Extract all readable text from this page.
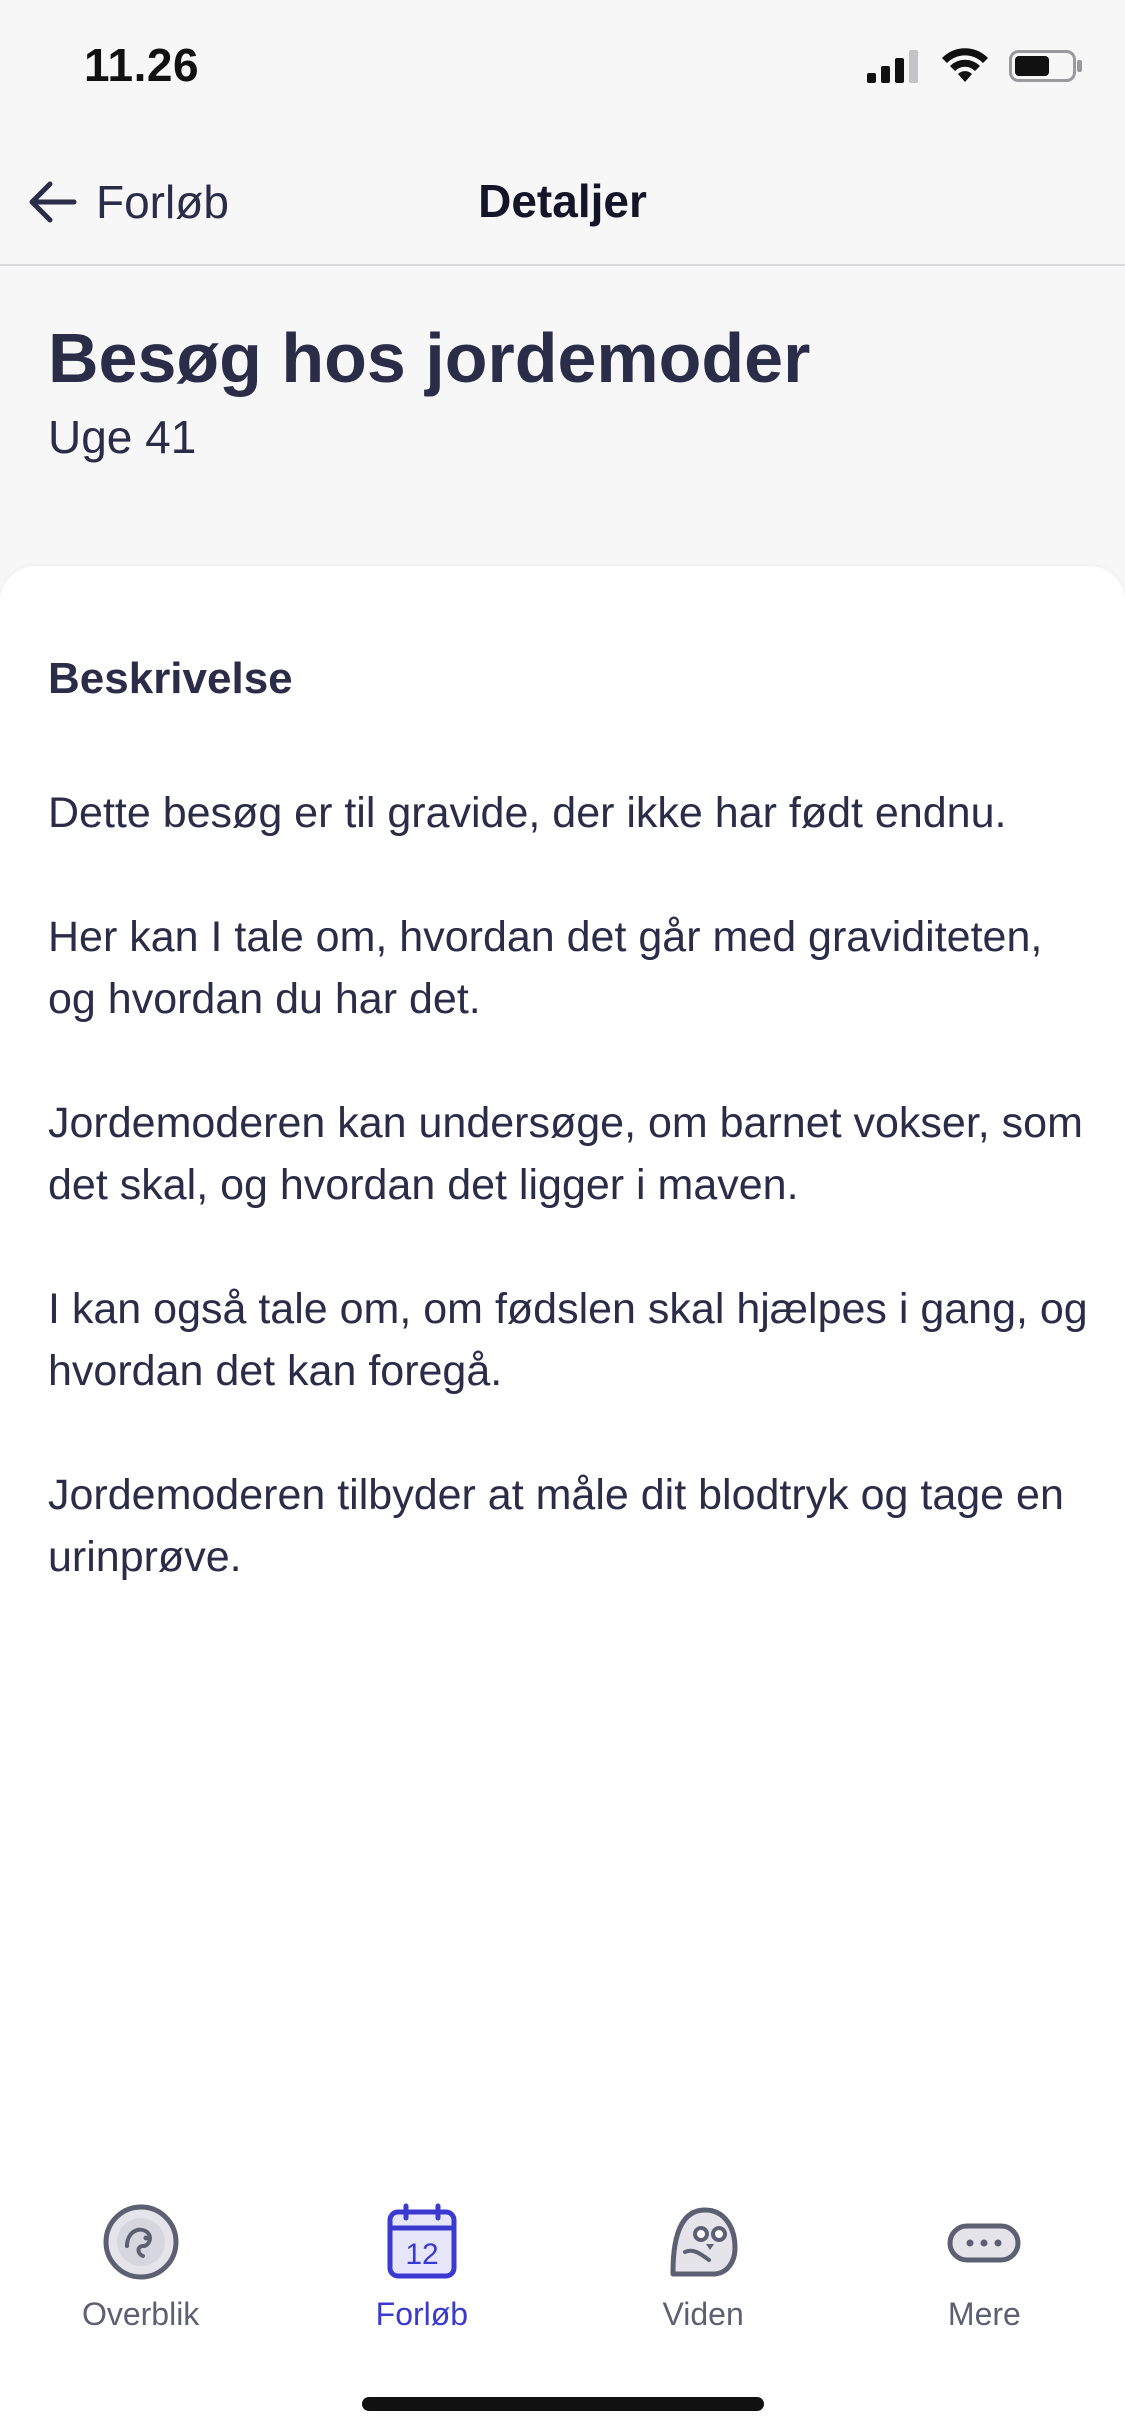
11.26
Forløb	Detaljer
Besøg hos jordemoder
Uge 41
Beskrivelse

Dette besøg er til gravide, der ikke har født endnu.

Her kan I tale om, hvordan det går med graviditeten, og hvordan du har det.

Jordemoderen kan undersøge, om barnet vokser, som det skal, og hvordan det ligger i maven.

I kan også tale om, om fødslen skal hjælpes i gang, og hvordan det kan foregå.

Jordemoderen tilbyder at måle dit blodtryk og tage en urinprøve.

Overblik
12
Forløb	Viden	Mere
